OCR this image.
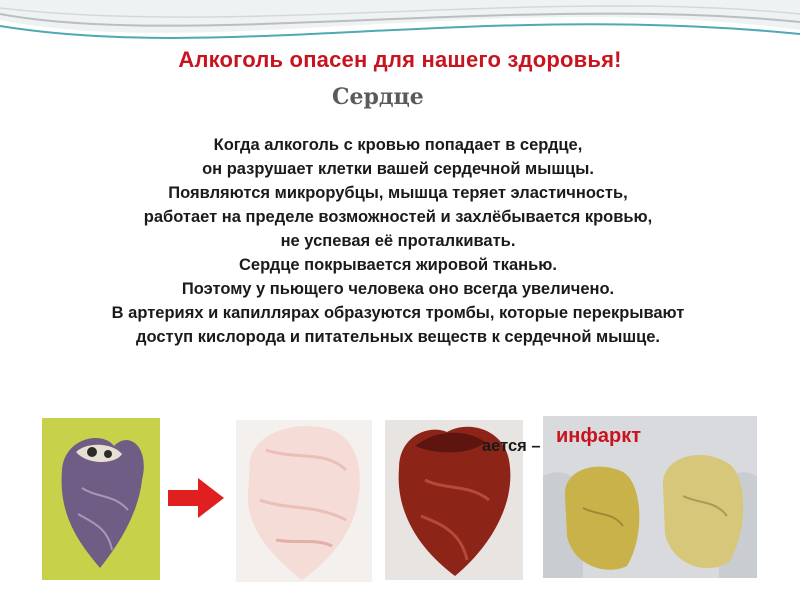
Алкоголь опасен для нашего здоровья!
Сердце
Когда алкоголь с кровью попадает в сердце,
он разрушает клетки вашей сердечной мышцы.
Появляются микрорубцы, мышца теряет эластичность,
работает на пределе возможностей и захлёбывается кровью,
не успевая её проталкивать.
Сердце покрывается жировой тканью.
Поэтому у пьющего человека оно всегда увеличено.
В артериях и капиллярах образуются тромбы, которые перекрывают
доступ кислорода и питательных веществ к сердечной мышце.
ается – инфаркт
